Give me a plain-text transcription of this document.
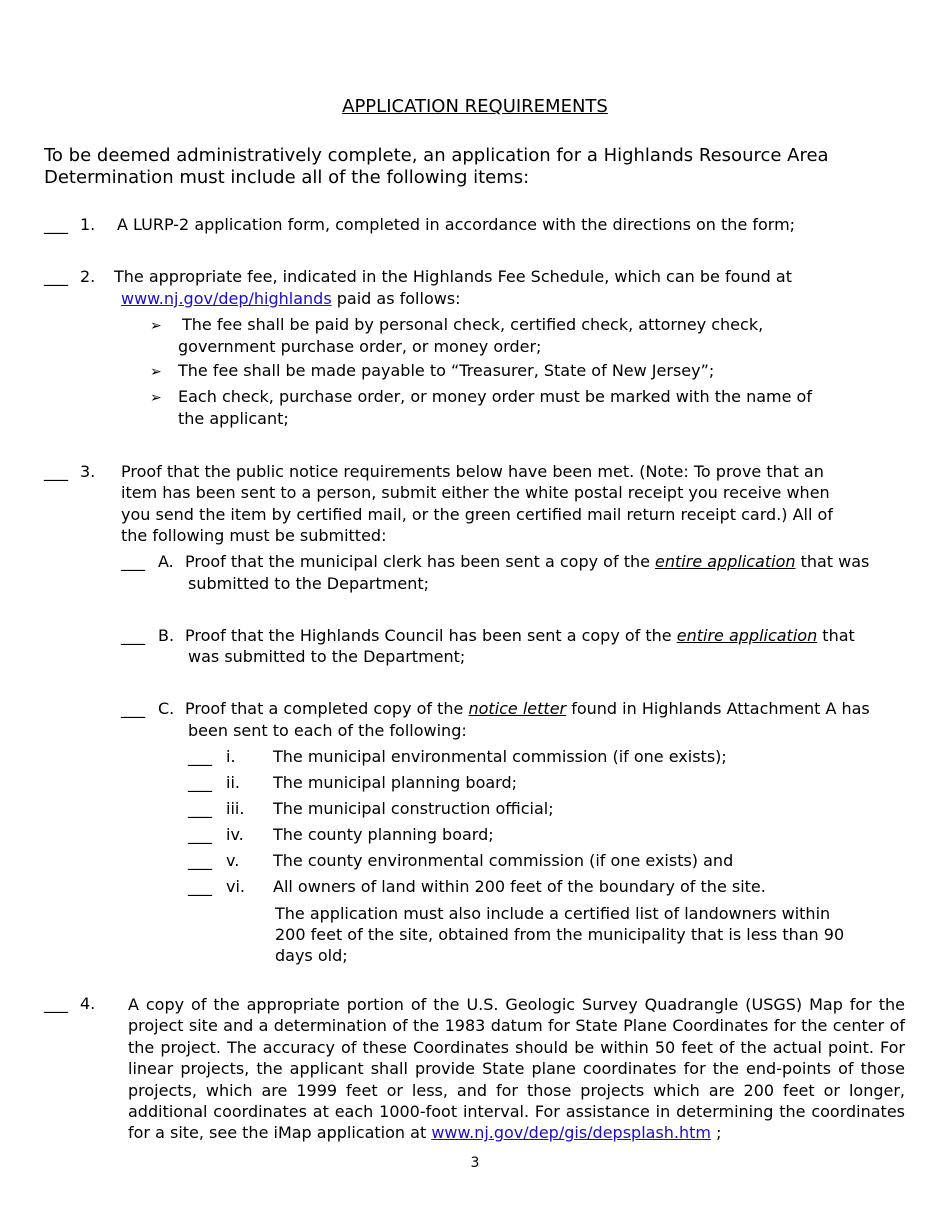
APPLICATION REQUIREMENTS
To be deemed administratively complete, an application for a Highlands Resource Area
Determination must include all of the following items:
___ 1. A LURP-2 application form, completed in accordance with the directions on the form;
___ 2. The appropriate fee, indicated in the Highlands Fee Schedule, which can be found at
www.nj.gov/dep/highlands paid as follows:
➢ The fee shall be paid by personal check, certified check, attorney check,
government purchase order, or money order;
➢ The fee shall be made payable to “Treasurer, State of New Jersey”;
➢ Each check, purchase order, or money order must be marked with the name of
the applicant;
___ 3. Proof that the public notice requirements below have been met. (Note: To prove that an
item has been sent to a person, submit either the white postal receipt you receive when
you send the item by certified mail, or the green certified mail return receipt card.) All of
the following must be submitted:
___ A. Proof that the municipal clerk has been sent a copy of the entire application that was
submitted to the Department;
___ B. Proof that the Highlands Council has been sent a copy of the entire application that
was submitted to the Department;
___ C. Proof that a completed copy of the notice letter found in Highlands Attachment A has
been sent to each of the following:
___ i. The municipal environmental commission (if one exists);
___ ii. The municipal planning board;
___ iii. The municipal construction official;
___ iv. The county planning board;
___ v. The county environmental commission (if one exists) and
___ vi. All owners of land within 200 feet of the boundary of the site.
The application must also include a certified list of landowners within
200 feet of the site, obtained from the municipality that is less than 90
days old;
___ 4. A copy of the appropriate portion of the U.S. Geologic Survey Quadrangle (USGS) Map for the project site and a determination of the 1983 datum for State Plane Coordinates for the center of the project. The accuracy of these Coordinates should be within 50 feet of the actual point. For linear projects, the applicant shall provide State plane coordinates for the end-points of those projects, which are 1999 feet or less, and for those projects which are 200 feet or longer, additional coordinates at each 1000-foot interval. For assistance in determining the coordinates for a site, see the iMap application at www.nj.gov/dep/gis/depsplash.htm ;
3
